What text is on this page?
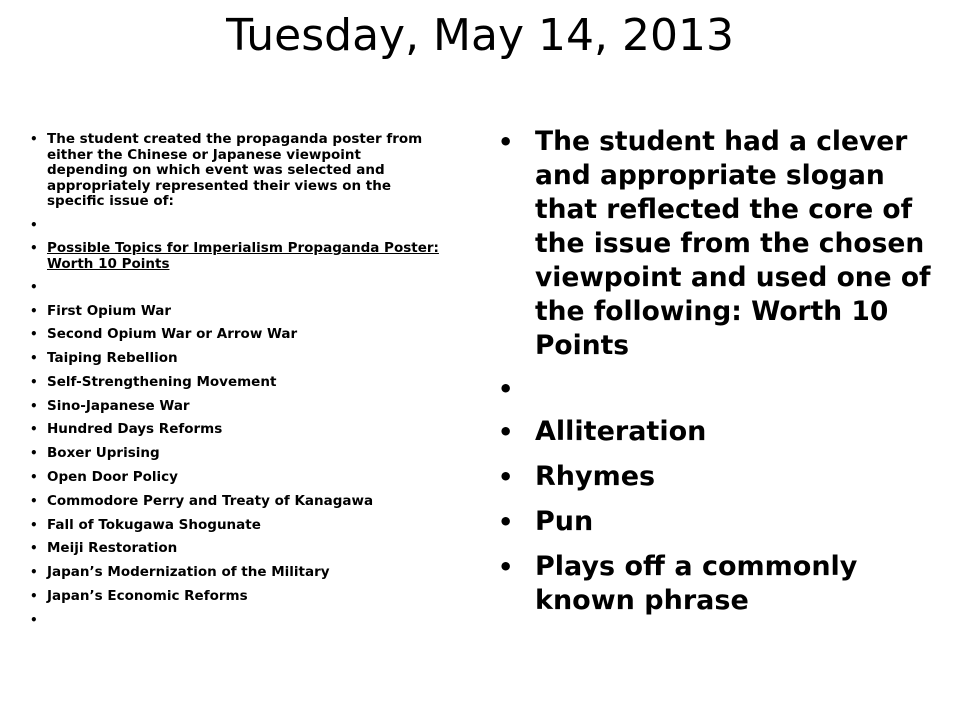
Tuesday, May 14, 2013
• The student created the propaganda poster from either the Chinese or Japanese viewpoint depending on which event was selected and appropriately represented their views on the specific issue of:
•
• Possible Topics for Imperialism Propaganda Poster: Worth 10 Points
•
• First Opium War
• Second Opium War or Arrow War
• Taiping Rebellion
• Self-Strengthening Movement
• Sino-Japanese War
• Hundred Days Reforms
• Boxer Uprising
• Open Door Policy
• Commodore Perry and Treaty of Kanagawa
• Fall of Tokugawa Shogunate
• Meiji Restoration
• Japan’s Modernization of the Military
• Japan’s Economic Reforms
•
• The student had a clever and appropriate slogan that reflected the core of the issue from the chosen viewpoint and used one of the following: Worth 10 Points
•
• Alliteration
• Rhymes
• Pun
• Plays off a commonly known phrase
